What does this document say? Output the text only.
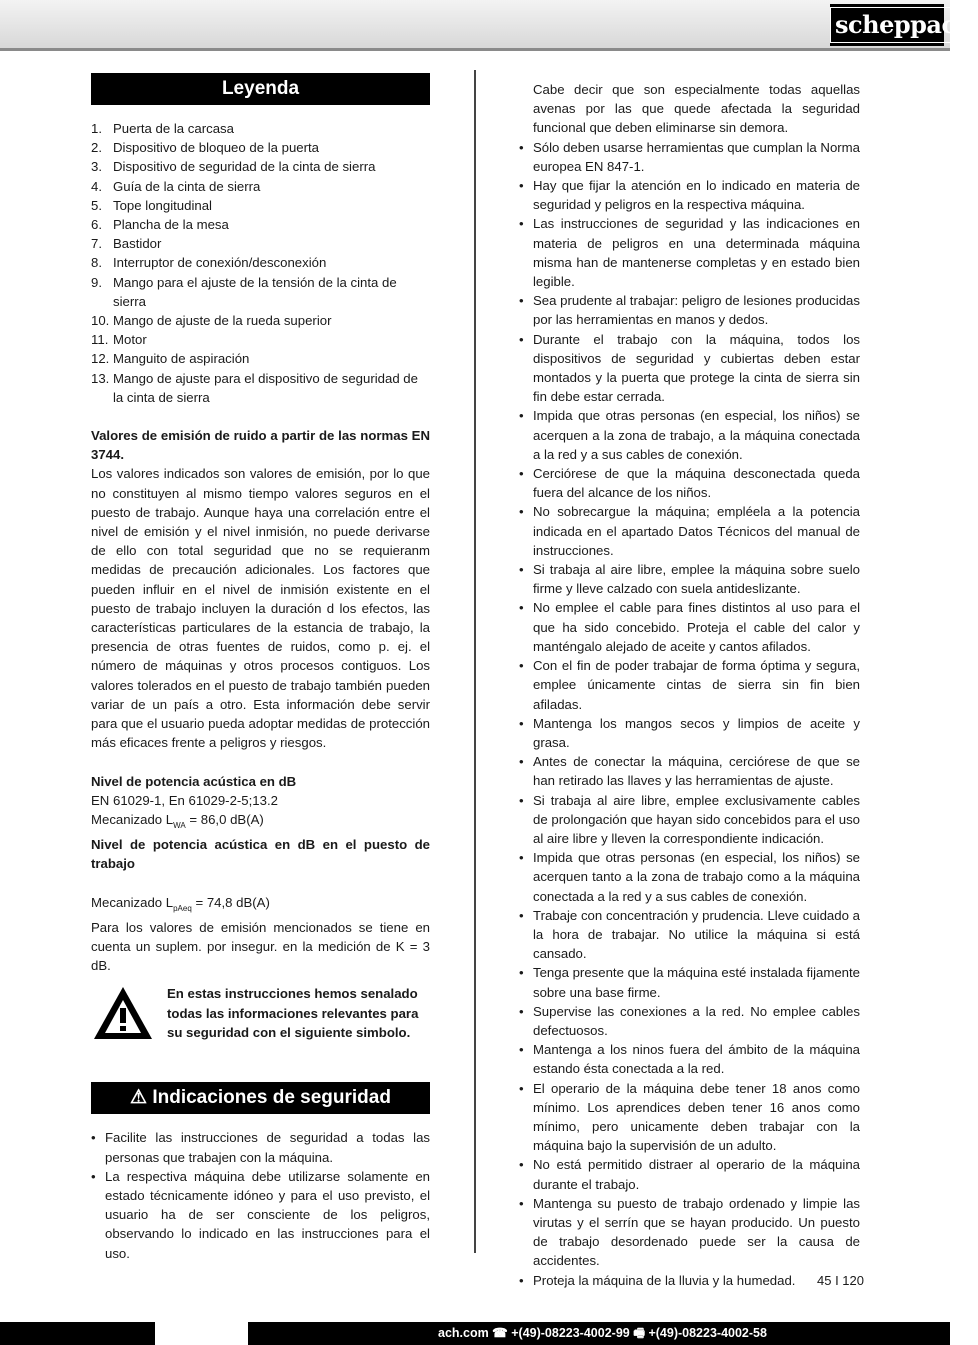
scheppach
Leyenda
1. Puerta de la carcasa
2. Dispositivo de bloqueo de la puerta
3. Dispositivo de seguridad de la cinta de sierra
4. Guía de la cinta de sierra
5. Tope longitudinal
6. Plancha de la mesa
7. Bastidor
8. Interruptor de conexión/desconexión
9. Mango para el ajuste de la tensión de la cinta de sierra
10. Mango de ajuste de la rueda superior
11. Motor
12. Manguito de aspiración
13. Mango de ajuste para el dispositivo de seguridad de la cinta de sierra

Valores de emisión de ruido a partir de las normas EN 3744.

Los valores indicados son valores de emisión, por lo que no constituyen al mismo tiempo valores seguros en el puesto de trabajo. Aunque haya una correlación entre el nivel de emisión y el nivel inmisión, no puede derivarse de ello con total seguridad que no se requieranm medidas de precaución adicionales. Los factores que pueden influir en el nivel de inmisión existente en el puesto de trabajo incluyen la duración d los efectos, las características particulares de la estancia de trabajo, la presencia de otras fuentes de ruidos, como p. ej. el número de máquinas y otros procesos contiguos. Los valores tolerados en el puesto de trabajo también pueden variar de un país a otro. Esta información debe servir para que el usuario pueda adoptar medidas de protección más eficaces frente a peligros y riesgos.

Nivel de potencia acústica en dB

EN 61029-1, En 61029-2-5;13.2

Mecanizado $L_{WA} = 86,0$ dB(A)

Nivel de potencia acústica en dB en el puesto de trabajo

Mecanizado $L_{pAeq} = 74,8$ dB(A)

Para los valores de emisión mencionados se tiene en cuenta un suplem. por insegur. en la medición de K = 3 dB.

En estas instrucciones hemos senalado todas las informaciones relevantes para su seguridad con el siguiente simbolo.
⚠ Indicaciones de seguridad
• Facilite las instrucciones de seguridad a todas las personas que trabajen con la máquina.
• La respectiva máquina debe utilizarse solamente en estado técnicamente idóneo y para el uso previsto, el usuario ha de ser consciente de los peligros, observando lo indicado en las instrucciones para el uso.

Cabe decir que son especialmente todas aquellas avenas por las que quede afectada la seguridad funcional que deben eliminarse sin demora.

• Sólo deben usarse herramientas que cumplan la Norma europea EN 847-1.
• Hay que fijar la atención en lo indicado en materia de seguridad y peligros en la respectiva máquina.
• Las instrucciones de seguridad y las indicaciones en materia de peligros en una determinada máquina misma han de mantenerse completas y en estado bien legible.
• Sea prudente al trabajar: peligro de lesiones producidas por las herramientas en manos y dedos.
• Durante el trabajo con la máquina, todos los dispositivos de seguridad y cubiertas deben estar montados y la puerta que protege la cinta de sierra sin fin debe estar cerrada.
• Impida que otras personas (en especial, los niños) se acerquen a la zona de trabajo, a la máquina conectada a la red y a sus cables de conexión.
• Cerciórese de que la máquina desconectada queda fuera del alcance de los niños.
• No sobrecargue la máquina; empléela a la potencia indicada en el apartado Datos Técnicos del manual de instrucciones.
• Si trabaja al aire libre, emplee la máquina sobre suelo firme y lleve calzado con suela antideslizante.
• No emplee el cable para fines distintos al uso para el que ha sido concebido. Proteja el cable del calor y manténgalo alejado de aceite y cantos afilados.
• Con el fin de poder trabajar de forma óptima y segura, emplee únicamente cintas de sierra sin fin bien afiladas.
• Mantenga los mangos secos y limpios de aceite y grasa.
• Antes de conectar la máquina, cerciórese de que se han retirado las llaves y las herramientas de ajuste.
• Si trabaja al aire libre, emplee exclusivamente cables de prolongación que hayan sido concebidos para el uso al aire libre y lleven la correspondiente indicación.
• Impida que otras personas (en especial, los niños) se acerquen tanto a la zona de trabajo como a la máquina conectada a la red y a sus cables de conexión.
• Trabaje con concentración y prudencia. Lleve cuidado a la hora de trabajar. No utilice la máquina si está cansado.
• Tenga presente que la máquina esté instalada fijamente sobre una base firme.
• Supervise las conexiones a la red. No emplee cables defectuosos.
• Mantenga a los ninos fuera del ámbito de la máquina estando ésta conectada a la red.
• El operario de la máquina debe tener 18 anos como mínimo. Los aprendices deben tener 16 anos como mínimo, pero unicamente deben trabajar con la máquina bajo la supervisión de un adulto.
• No está permitido distraer al operario de la máquina durante el trabajo.
• Mantenga su puesto de trabajo ordenado y limpie las virutas y el serrín que se hayan producido. Un puesto de trabajo desordenado puede ser la causa de accidentes.
• Proteja la máquina de la lluvia y la humedad.	45 I 120
ach.com ☎ +(49)-08223-4002-99 🖷 +(49)-08223-4002-58
